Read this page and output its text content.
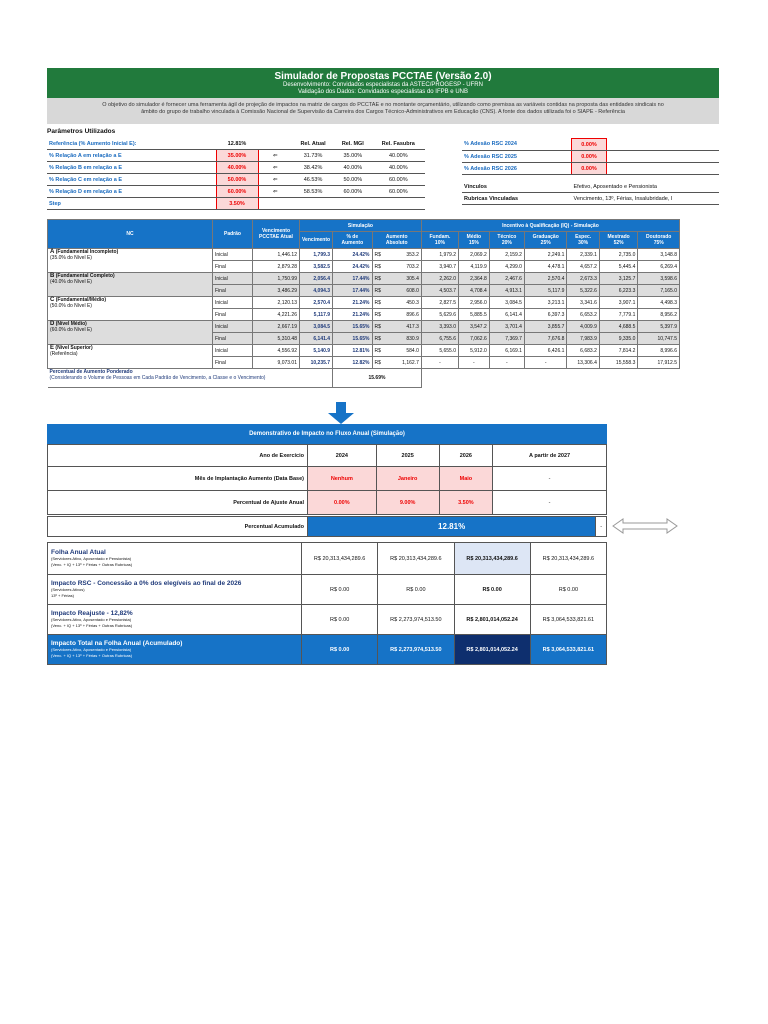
Simulador de Propostas PCCTAE (Versão 2.0)
Desenvolvimento: Convidados especialistas da ASTEC/PROGESP - UFRN
Validação dos Dados: Convidados especialistas do IFPB e UNB
O objetivo do simulador é fornecer uma ferramenta ágil de projeção de impactos na matriz de cargos do PCCTAE e no montante orçamentário, utilizando como premissa as variáveis contidas na proposta das entidades sindicais no
âmbito do grupo de trabalho vinculada à Comissão Nacional de Supervisão da Carreira dos Cargos Técnico-Administrativos em Educação (CNS). A fonte dos dados utilizada foi o SIAPE - Referência
Parâmetros Utilizados
Referência (% Aumento Inicial E):	12.81%		Rel. Atual	Rel. MGI	Rel. Fasubra
% Relação A em relação a E	35.00%	⇐	31.73%	35.00%	40.00%
% Relação B em relação a E	40.00%	⇐	38.42%	40.00%	40.00%
% Relação C em relação a E	50.00%	⇐	46.53%	50.00%	60.00%
% Relação D em relação a E	60.00%	⇐	58.53%	60.00%	60.00%
Step	3.50%				
% Adesão RSC 2024	0.00%	
% Adesão RSC 2025	0.00%	
% Adesão RSC 2026	0.00%	

Vínculos	Efetivo, Aposentado e Pensionista	
Rubricas Vinculadas	Vencimento, 13º, Férias, Insalubridade, I	
NC	Padrão	Vencimento PCCTAE Atual	Simulação			Incentivo à Qualificação (IQ) - Simulação						
			Vencimento	% de Aumento	Aumento Absoluto	Fundam. 10%	Médio 15%	Técnico 20%	Graduação 25%	Espec. 30%	Mestrado 52%	Doutorado 75%
A (Fundamental Incompleto)
(35.0% do Nível E)	Inicial	1,446.12	1,799.3	24.42%	R$ 353.2	1,979.2	2,069.2	2,159.2	2,249.1	2,339.1	2,735.0	3,148.8
	Final	2,879.28	3,582.5	24.42%	R$ 703.2	3,940.7	4,119.9	4,299.0	4,478.1	4,657.2	5,445.4	6,269.4
B (Fundamental Completo)
(40.0% do Nível E)	Inicial	1,750.99	2,056.4	17.44%	R$ 305.4	2,262.0	2,364.8	2,467.6	2,570.4	2,673.3	3,125.7	3,598.6
	Final	3,486.29	4,094.3	17.44%	R$ 608.0	4,503.7	4,708.4	4,913.1	5,117.9	5,322.6	6,223.3	7,165.0
C (Fundamental/Médio)
(50.0% do Nível E)	Inicial	2,120.13	2,570.4	21.24%	R$ 450.3	2,827.5	2,956.0	3,084.5	3,213.1	3,341.6	3,907.1	4,498.3
	Final	4,221.26	5,117.9	21.24%	R$ 896.6	5,629.6	5,885.5	6,141.4	6,397.3	6,653.2	7,779.1	8,956.2
D (Nível Médio)
(60.0% do Nível E)	Inicial	2,667.19	3,084.5	15.65%	R$ 417.3	3,393.0	3,547.2	3,701.4	3,855.7	4,009.9	4,688.5	5,397.9
	Final	5,310.48	6,141.4	15.65%	R$ 830.9	6,755.6	7,062.6	7,369.7	7,676.8	7,983.9	9,335.0	10,747.5
E (Nível Superior)
(Referência)	Inicial	4,556.92	5,140.9	12.81%	R$ 584.0	5,655.0	5,912.0	6,169.1	6,426.1	6,683.2	7,814.2	8,996.6
	Final	9,073.01	10,235.7	12.82%	R$ 1,162.7	-	-	-	-	13,306.4	15,558.3	17,912.5
Percentual de Aumento Ponderado
(Considerando o Volume de Pessoas em Cada Padrão de Vencimento, a Classe e o Vencimento)				15.69%								
Demonstrativo de Impacto no Fluxo Anual (Simulação)
Ano de Exercício	2024	2025	2026	A partir de 2027
Mês de Implantação Aumento (Data Base)	Nenhum	Janeiro	Maio	-
Percentual de Ajuste Anual	0.00%	9.00%	3.50%	-
Percentual Acumulado	12.81%	-
Folha Anual Atual
(Servidores Ativo, Aposentado e Pensionista)
(Venc. + IQ + 13º + Férias + Outras Rubricas)	R$ 20,313,434,289.6	R$ 20,313,434,289.6	R$ 20,313,434,289.6	R$ 20,313,434,289.6
Impacto RSC - Concessão a 0% dos elegíveis ao final de 2026
(Servidores Ativos)
13º + Férias)	R$ 0.00	R$ 0.00	R$ 0.00	R$ 0.00
Impacto Reajuste - 12,82%
(Servidores Ativo, Aposentado e Pensionista)
(Venc. + IQ + 13º + Férias + Outras Rubricas)	R$ 0.00	R$ 2,273,974,513.50	R$ 2,801,014,052.24	R$ 3,064,533,821.61
Impacto Total na Folha Anual (Acumulado)
(Servidores Ativo, Aposentado e Pensionista)
(Venc. + IQ + 13º + Férias + Outras Rubricas)	R$ 0.00	R$ 2,273,974,513.50	R$ 2,801,014,052.24	R$ 3,064,533,821.61
